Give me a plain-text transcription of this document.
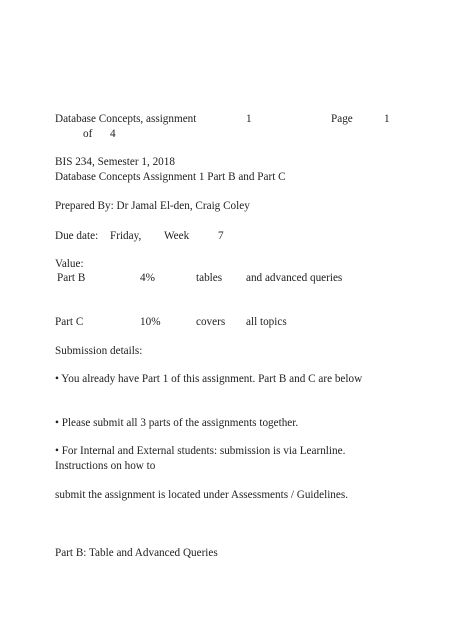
Database Concepts, assignment	1	Page	1
of 4
BIS 234, Semester 1, 2018
Database Concepts Assignment 1 Part B and Part C
Prepared By: Dr Jamal El-den, Craig Coley
Due date: Friday, Week	7
Value:
Part B	4%	tables and advanced queries
Part C	10%	covers all topics
Submission details:
• You already have Part 1 of this assignment. Part B and C are below
• Please submit all 3 parts of the assignments together.
• For Internal and External students: submission is via Learnline. Instructions on how to
submit the assignment is located under Assessments / Guidelines.
Part B: Table and Advanced Queries
